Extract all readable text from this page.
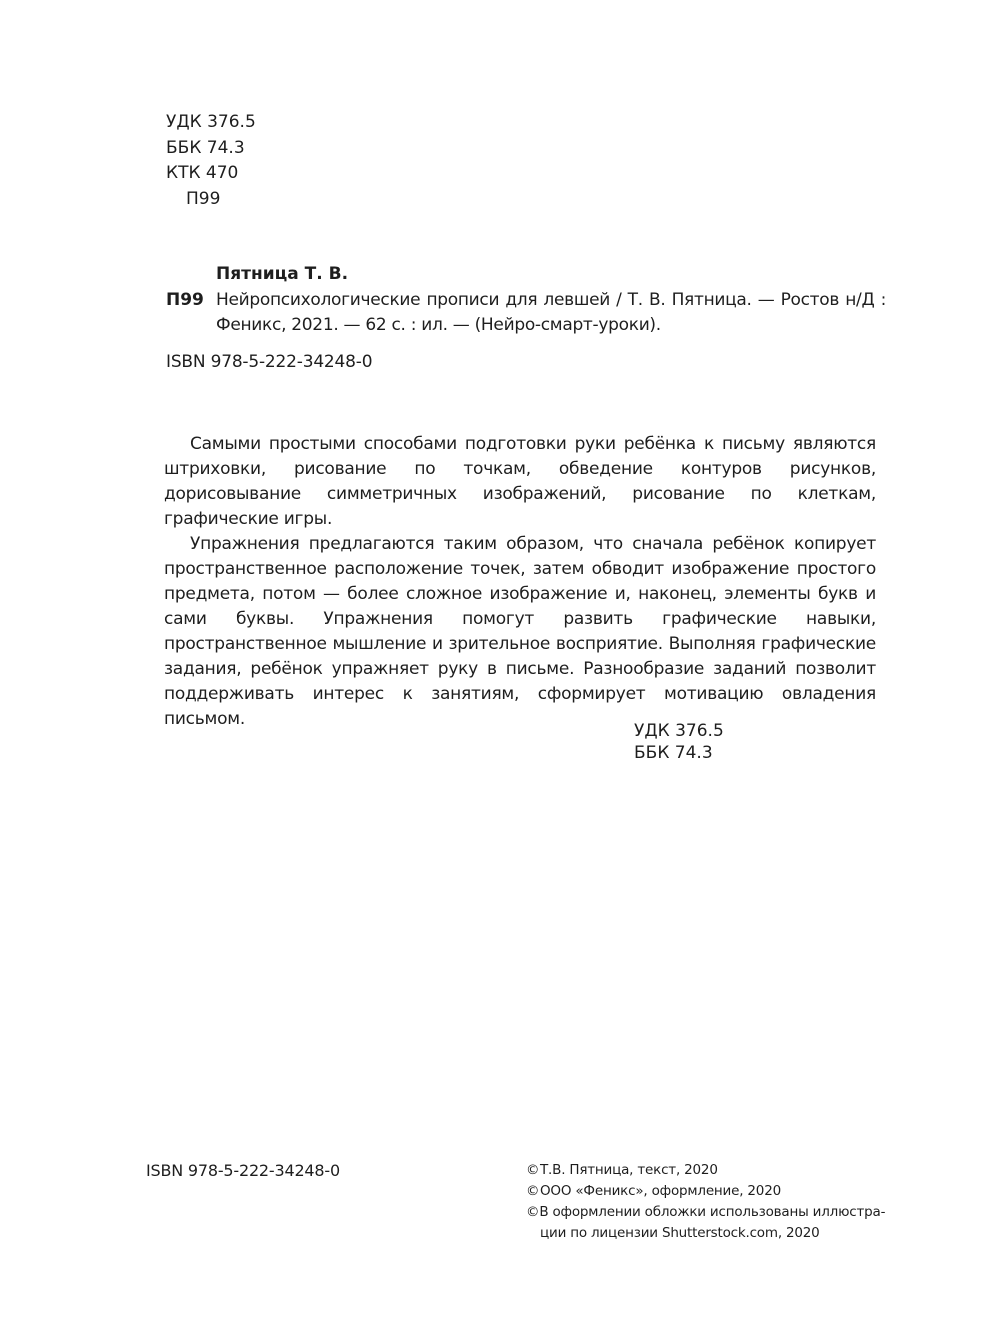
УДК 376.5
ББК 74.3
КТК 470
П99
Пятница Т. В.
П99 Нейропсихологические прописи для левшей / Т. В. Пятница. — Ростов н/Д :
Феникс, 2021. — 62 с. : ил. — (Нейро-смарт-уроки).
ISBN 978-5-222-34248-0

Самыми простыми способами подготовки руки ребёнка к письму являются штриховки, рисование по точкам, обведение контуров рисунков, дорисовывание симметричных изображений, рисование по клеткам, графические игры.

Упражнения предлагаются таким образом, что сначала ребёнок копирует пространственное расположение точек, затем обводит изображение простого предмета, потом — более сложное изображение и, наконец, элементы букв и сами буквы. Упражнения помогут развить графические навыки, пространственное мышление и зрительное восприятие. Выполняя графические задания, ребёнок упражняет руку в письме. Разнообразие заданий позволит поддерживать интерес к занятиям, сформирует мотивацию овладения письмом.

УДК 376.5
ББК 74.3
ISBN 978-5-222-34248-0	©Т.В. Пятница, текст, 2020
©ООО «Феникс», оформление, 2020
© В оформлении обложки использованы иллюстра-
ции по лицензии Shutterstock.com, 2020
